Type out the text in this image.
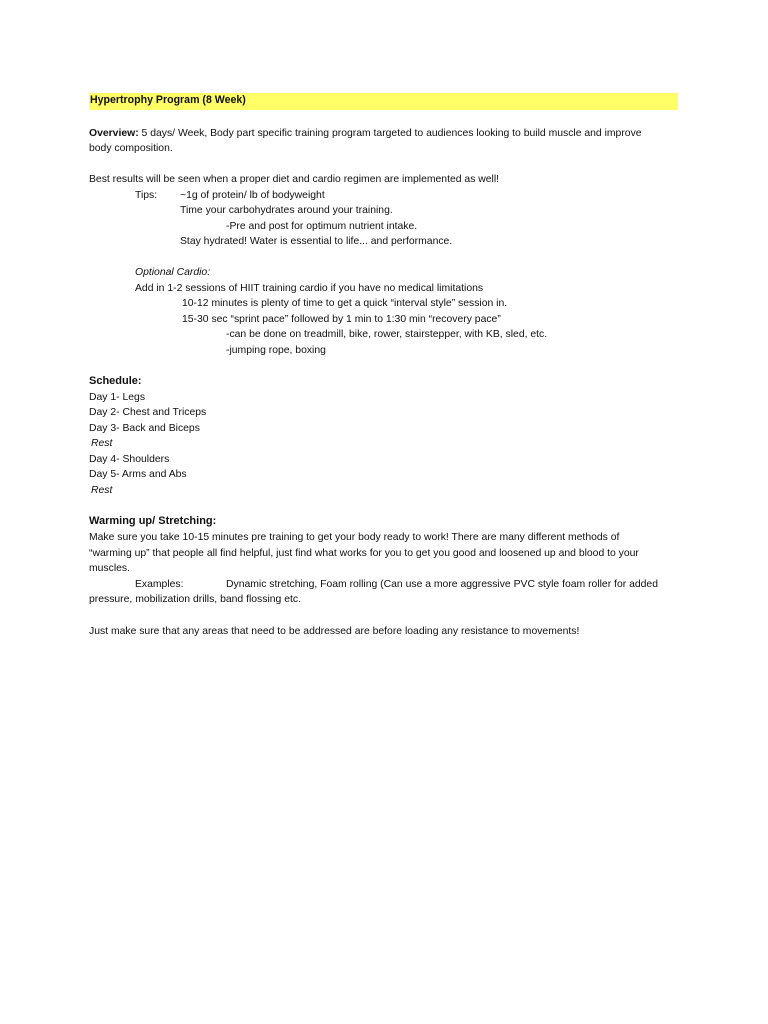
Hypertrophy Program (8 Week)
Overview: 5 days/ Week, Body part specific training program targeted to audiences looking to build muscle and improve
body composition.
Best results will be seen when a proper diet and cardio regimen are implemented as well!
Tips: ~1g of protein/ lb of bodyweight
Time your carbohydrates around your training.
-Pre and post for optimum nutrient intake.
Stay hydrated! Water is essential to life... and performance.
Optional Cardio:
Add in 1-2 sessions of HIIT training cardio if you have no medical limitations
10-12 minutes is plenty of time to get a quick “interval style” session in.
15-30 sec “sprint pace” followed by 1 min to 1:30 min “recovery pace”
-can be done on treadmill, bike, rower, stairstepper, with KB, sled, etc.
-jumping rope, boxing
Schedule:
Day 1- Legs
Day 2- Chest and Triceps
Day 3- Back and Biceps
Rest
Day 4- Shoulders
Day 5- Arms and Abs
Rest
Warming up/ Stretching:
Make sure you take 10-15 minutes pre training to get your body ready to work! There are many different methods of
“warming up” that people all find helpful, just find what works for you to get you good and loosened up and blood to your
muscles.
Examples:	Dynamic stretching, Foam rolling (Can use a more aggressive PVC style foam roller for added
pressure, mobilization drills, band flossing etc.
Just make sure that any areas that need to be addressed are before loading any resistance to movements!
